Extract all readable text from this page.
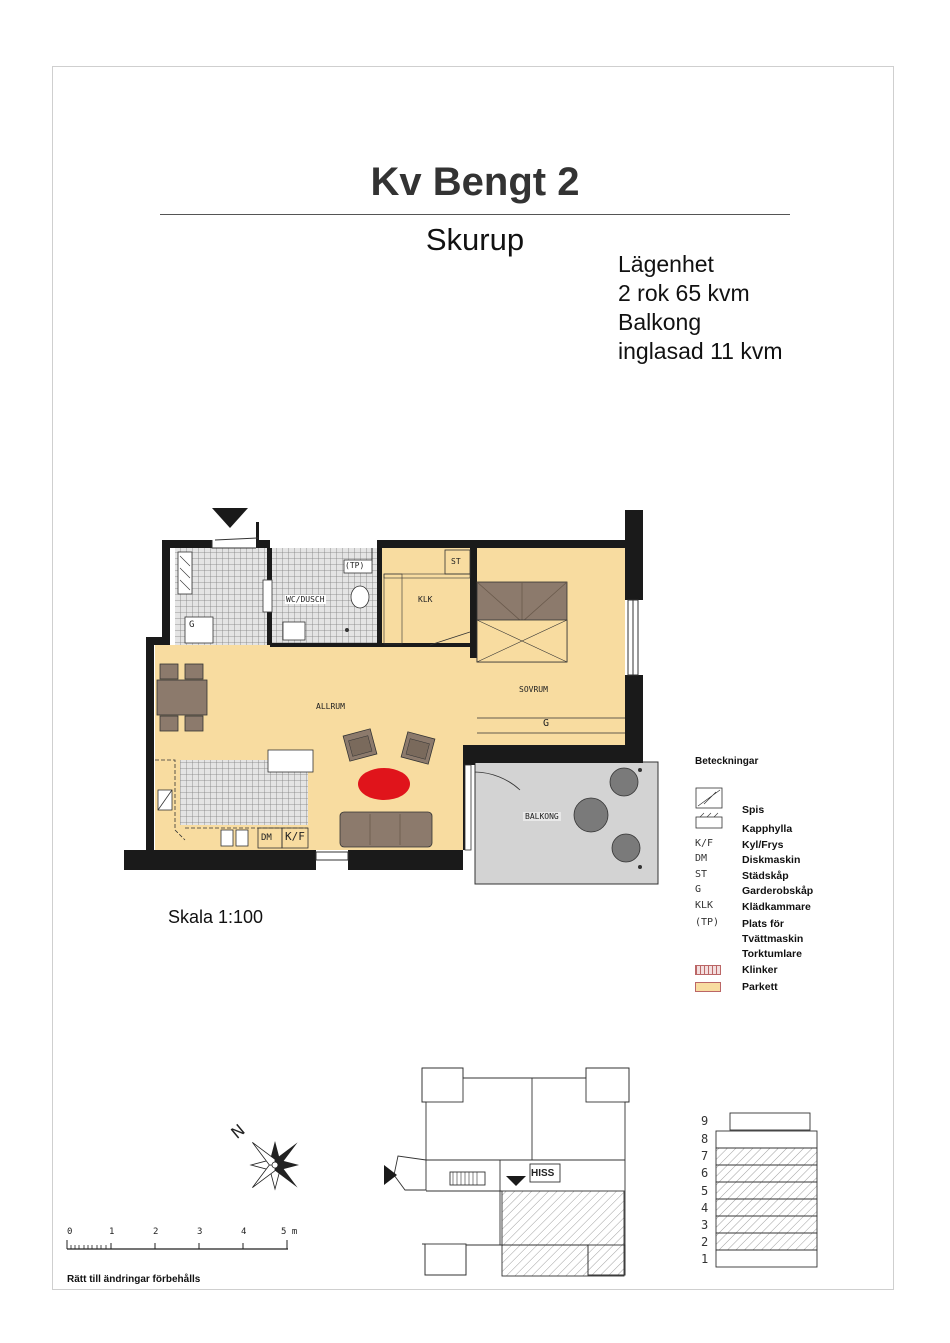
Kv Bengt 2
Skurup
Lägenhet
2 rok 65 kvm
Balkong
inglasad 11 kvm
WC/DUSCH
(TP)	ST
KLK
G
ALLRUM
SOVRUM
G
BALKONG
DM K/F
Skala 1:100
0	1	2	3	4	5 m
N
Rätt till ändringar förbehålls
HISS
Beteckningar
Spis
Kapphylla
K/F	Kyl/Frys
DM	Diskmaskin
ST	Städskåp
G	Garderobskåp
KLK	Klädkammare
(TP) Plats för
Tvättmaskin
Torktumlare
Klinker
Parkett
9
8
7
6
5
4
3
2
1
